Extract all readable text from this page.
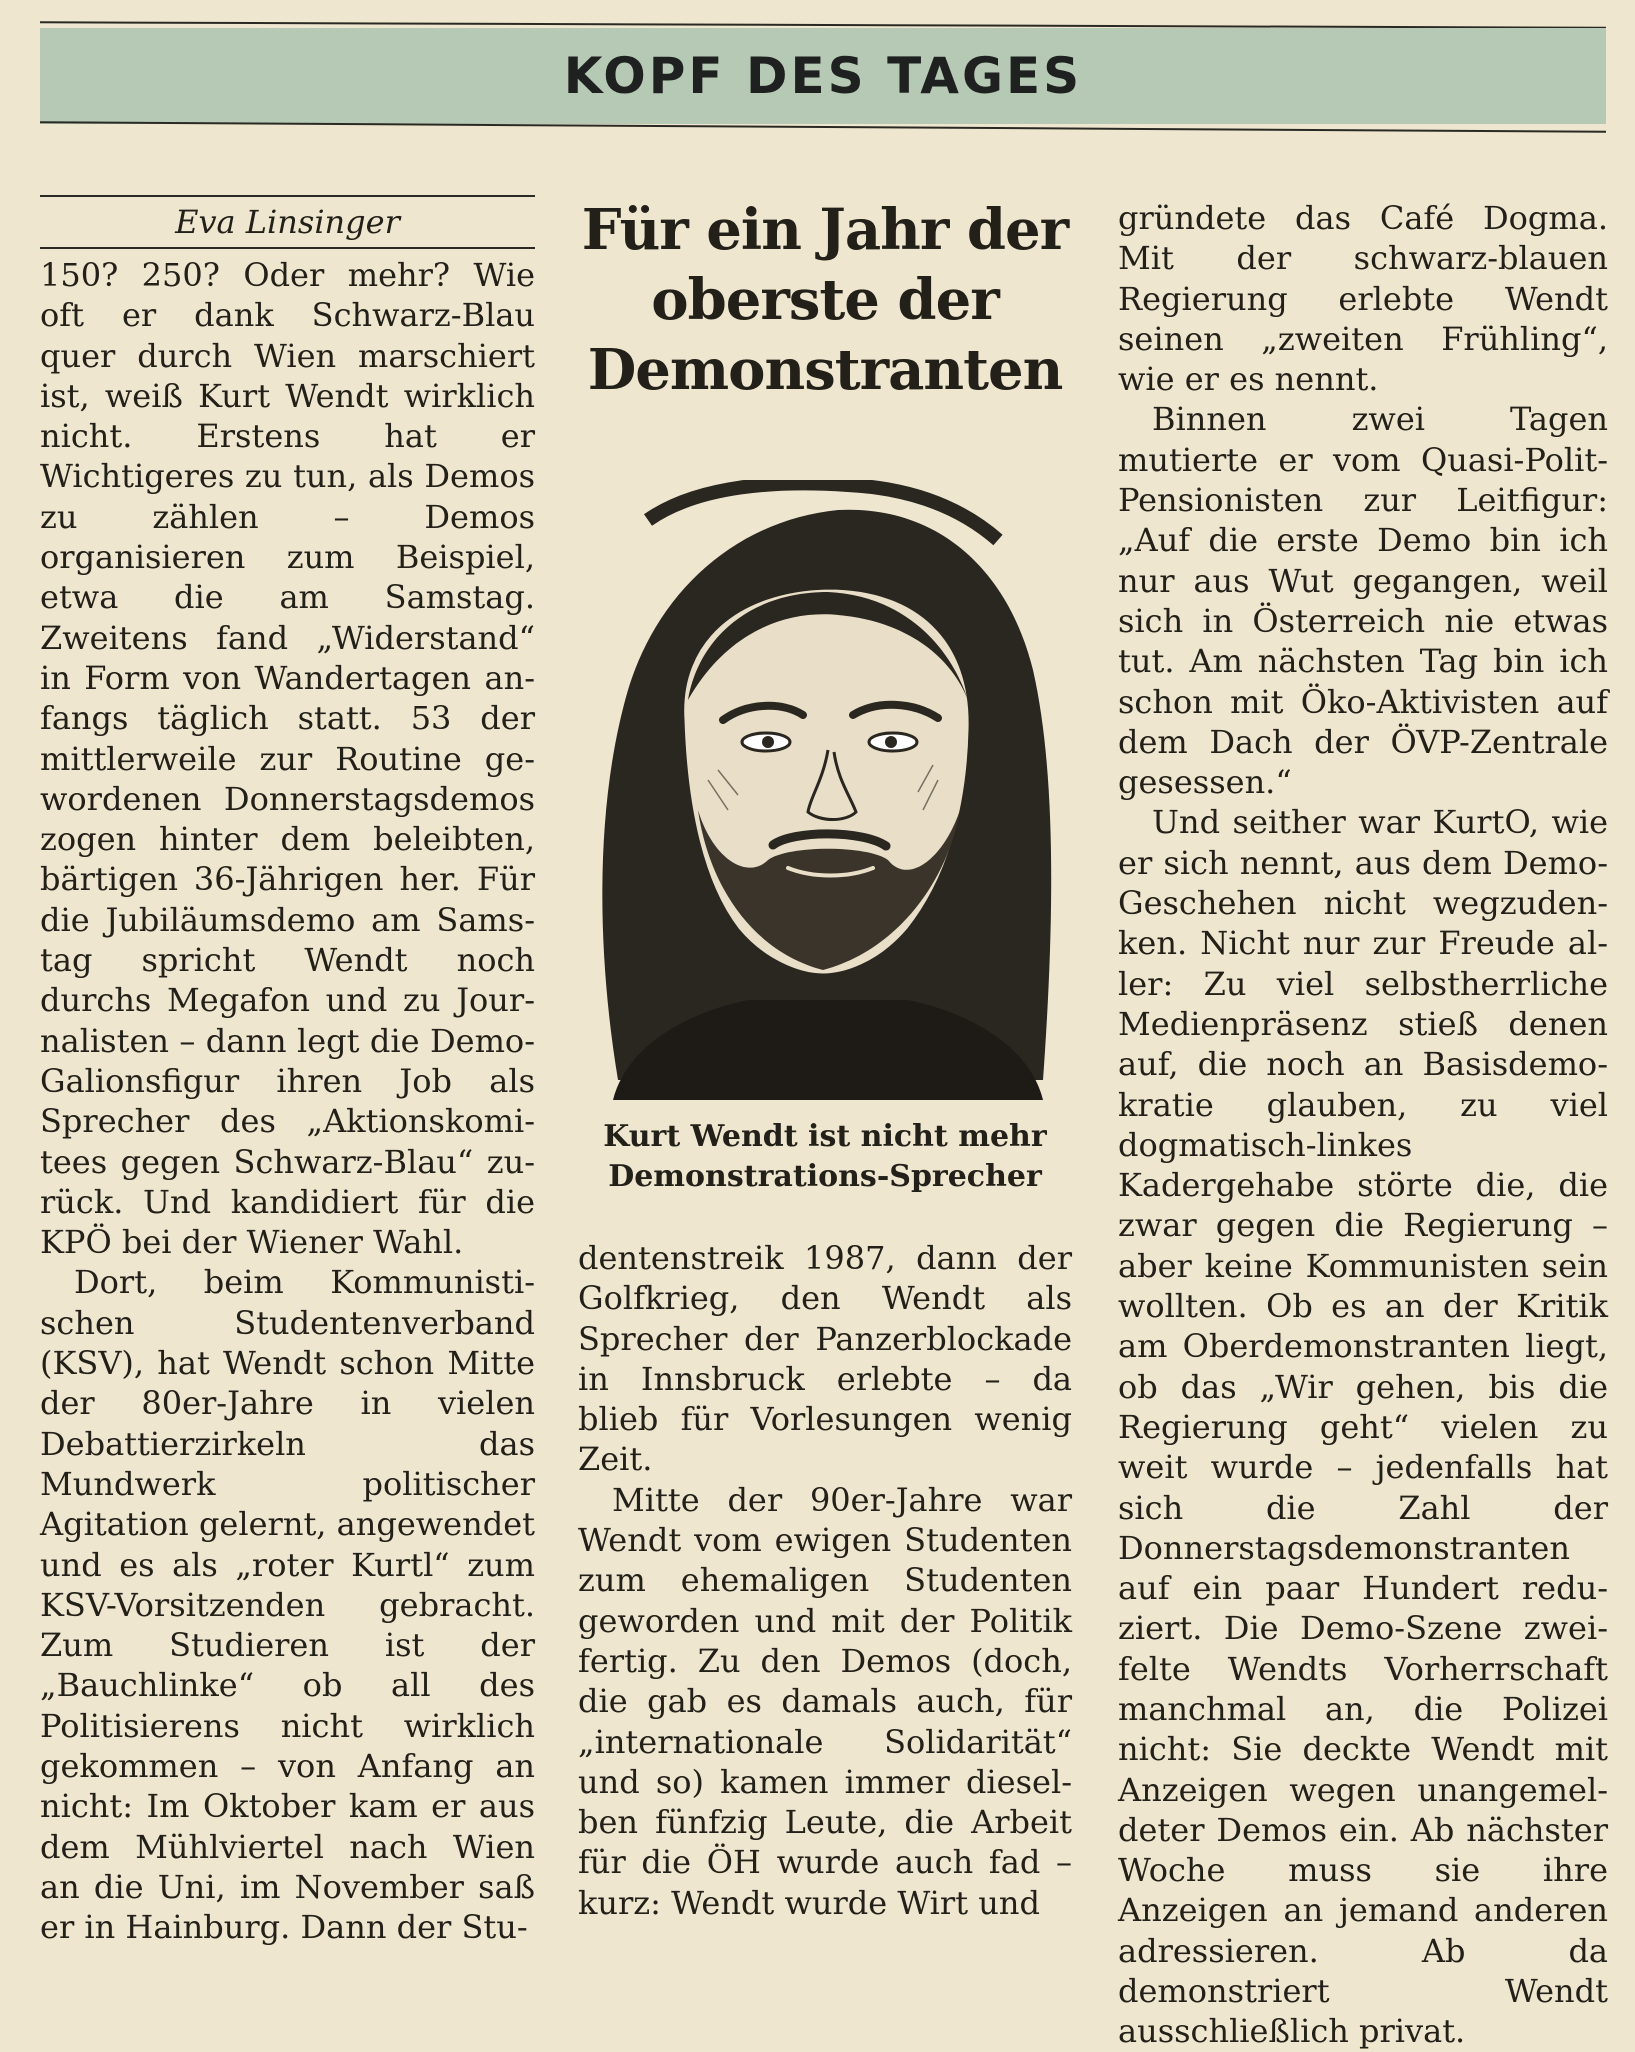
KOPF DES TAGES
Eva Linsinger

150? 250? Oder mehr? Wie oft er dank Schwarz-Blau quer durch Wien marschiert ist, weiß Kurt Wendt wirklich nicht. Erstens hat er Wichtigeres zu tun, als Demos zu zählen – Demos organisieren zum Beispiel, etwa die am Samstag. Zweitens fand „Widerstand“ in Form von Wandertagen anfangs täglich statt. 53 der mittlerweile zur Routine gewordenen Donnerstagsdemos zogen hinter dem beleibten, bärtigen 36-Jährigen her. Für die Jubiläumsdemo am Samstag spricht Wendt noch durchs Megafon und zu Journalisten – dann legt die Demo-Galionsfigur ihren Job als Sprecher des „Aktionskomitees gegen Schwarz-Blau“ zurück. Und kandidiert für die KPÖ bei der Wiener Wahl.

Dort, beim Kommunistischen Studentenverband (KSV), hat Wendt schon Mitte der 80er-Jahre in vielen Debattierzirkeln das Mundwerk politischer Agitation gelernt, angewendet und es als „roter Kurtl“ zum KSV-Vorsitzenden gebracht. Zum Studieren ist der „Bauchlinke“ ob all des Politisierens nicht wirklich gekommen – von Anfang an nicht: Im Oktober kam er aus dem Mühlviertel nach Wien an die Uni, im November saß er in Hainburg. Dann der Stu-

Für ein Jahr der oberste der Demonstranten
Kurt Wendt ist nicht mehr Demonstrations-Sprecher

dentenstreik 1987, dann der Golfkrieg, den Wendt als Sprecher der Panzerblockade in Innsbruck erlebte – da blieb für Vorlesungen wenig Zeit.

Mitte der 90er-Jahre war Wendt vom ewigen Studenten zum ehemaligen Studenten geworden und mit der Politik fertig. Zu den Demos (doch, die gab es damals auch, für „internationale Solidarität“ und so) kamen immer dieselben fünfzig Leute, die Arbeit für die ÖH wurde auch fad – kurz: Wendt wurde Wirt und

gründete das Café Dogma. Mit der schwarz-blauen Regierung erlebte Wendt seinen „zweiten Frühling“, wie er es nennt.

Binnen zwei Tagen mutierte er vom Quasi-Polit-Pensionisten zur Leitfigur: „Auf die erste Demo bin ich nur aus Wut gegangen, weil sich in Österreich nie etwas tut. Am nächsten Tag bin ich schon mit Öko-Aktivisten auf dem Dach der ÖVP-Zentrale gesessen.“

Und seither war KurtO, wie er sich nennt, aus dem Demo-Geschehen nicht wegzudenken. Nicht nur zur Freude aller: Zu viel selbstherrliche Medienpräsenz stieß denen auf, die noch an Basisdemokratie glauben, zu viel dogmatisch-linkes Kadergehabe störte die, die zwar gegen die Regierung – aber keine Kommunisten sein wollten. Ob es an der Kritik am Oberdemonstranten liegt, ob das „Wir gehen, bis die Regierung geht“ vielen zu weit wurde – jedenfalls hat sich die Zahl der Donnerstagsdemonstranten auf ein paar Hundert reduziert. Die Demo-Szene zweifelte Wendts Vorherrschaft manchmal an, die Polizei nicht: Sie deckte Wendt mit Anzeigen wegen unangemeldeter Demos ein. Ab nächster Woche muss sie ihre Anzeigen an jemand anderen adressieren. Ab da demonstriert Wendt ausschließlich privat.
